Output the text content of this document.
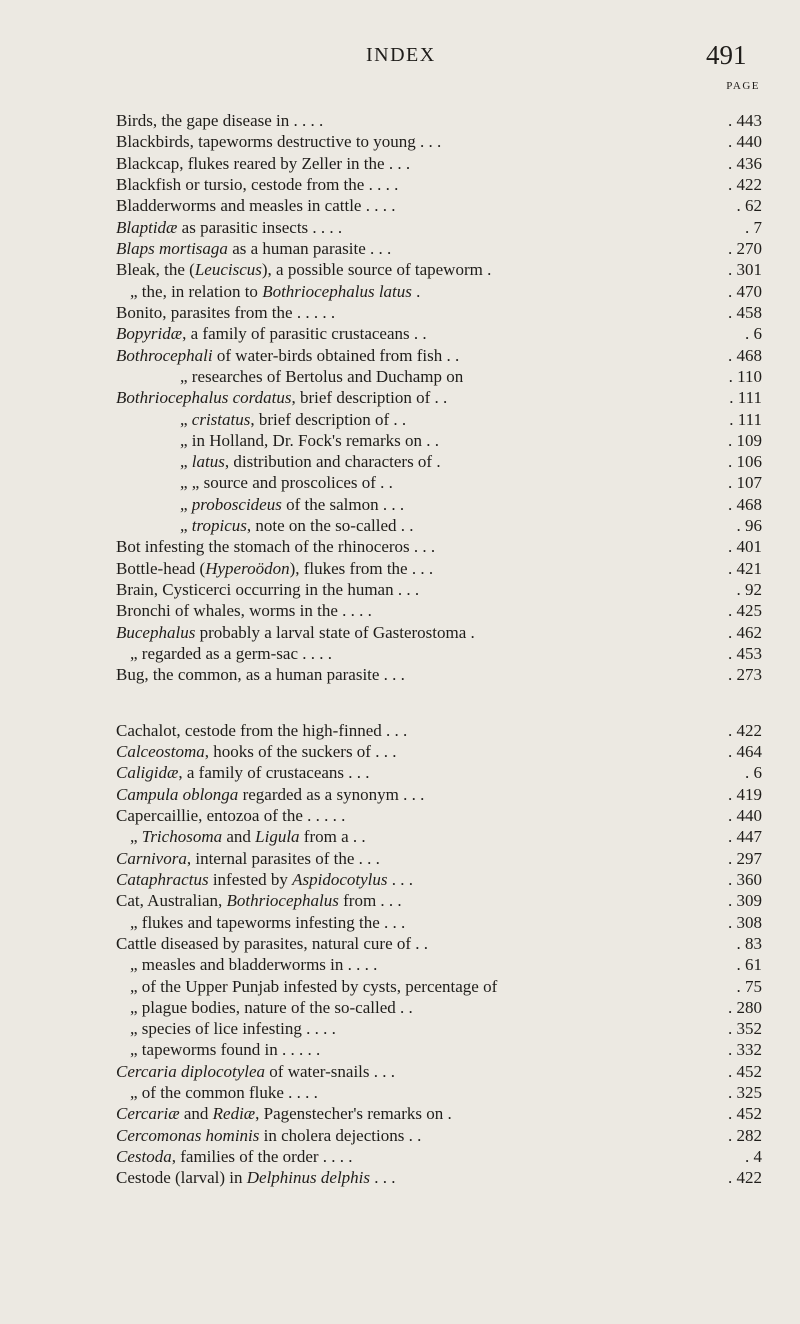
INDEX	491
PAGE
Birds, the gape disease in . . . .	. 443
Blackbirds, tapeworms destructive to young . . .	. 440
Blackcap, flukes reared by Zeller in the . . .	. 436
Blackfish or tursio, cestode from the . . . .	. 422
Bladderworms and measles in cattle . . . .	. 62
Blaptidæ as parasitic insects . . . .	. 7
Blaps mortisaga as a human parasite . . .	. 270
Bleak, the (Leuciscus), a possible source of tapeworm .	. 301
„ the, in relation to Bothriocephalus latus .	. 470
Bonito, parasites from the . . . . .	. 458
Bopyridæ, a family of parasitic crustaceans . .	. 6
Bothrocephali of water-birds obtained from fish . .	. 468
„ researches of Bertolus and Duchamp on	. 110
Bothriocephalus cordatus, brief description of . .	. 111
„ cristatus, brief description of . .	. 111
„ in Holland, Dr. Fock's remarks on . .	. 109
„ latus, distribution and characters of .	. 106
„ „ source and proscolices of . .	. 107
„ proboscideus of the salmon . . .	. 468
„ tropicus, note on the so-called . .	. 96
Bot infesting the stomach of the rhinoceros . . .	. 401
Bottle-head (Hyperoödon), flukes from the . . .	. 421
Brain, Cysticerci occurring in the human . . .	. 92
Bronchi of whales, worms in the . . . .	. 425
Bucephalus probably a larval state of Gasterostoma .	. 462
„ regarded as a germ-sac . . . .	. 453
Bug, the common, as a human parasite . . .	. 273
Cachalot, cestode from the high-finned . . .	. 422
Calceostoma, hooks of the suckers of . . .	. 464
Caligidæ, a family of crustaceans . . .	. 6
Campula oblonga regarded as a synonym . . .	. 419
Capercaillie, entozoa of the . . . . .	. 440
„ Trichosoma and Ligula from a . .	. 447
Carnivora, internal parasites of the . . .	. 297
Cataphractus infested by Aspidocotylus . . .	. 360
Cat, Australian, Bothriocephalus from . . .	. 309
„ flukes and tapeworms infesting the . . .	. 308
Cattle diseased by parasites, natural cure of . .	. 83
„ measles and bladderworms in . . . .	. 61
„ of the Upper Punjab infested by cysts, percentage of	. 75
„ plague bodies, nature of the so-called . .	. 280
„ species of lice infesting . . . .	. 352
„ tapeworms found in . . . . .	. 332
Cercaria diplocotylea of water-snails . . .	. 452
„ of the common fluke . . . .	. 325
Cercariæ and Rediæ, Pagenstecher's remarks on .	. 452
Cercomonas hominis in cholera dejections . .	. 282
Cestoda, families of the order . . . .	. 4
Cestode (larval) in Delphinus delphis . . .	. 422
